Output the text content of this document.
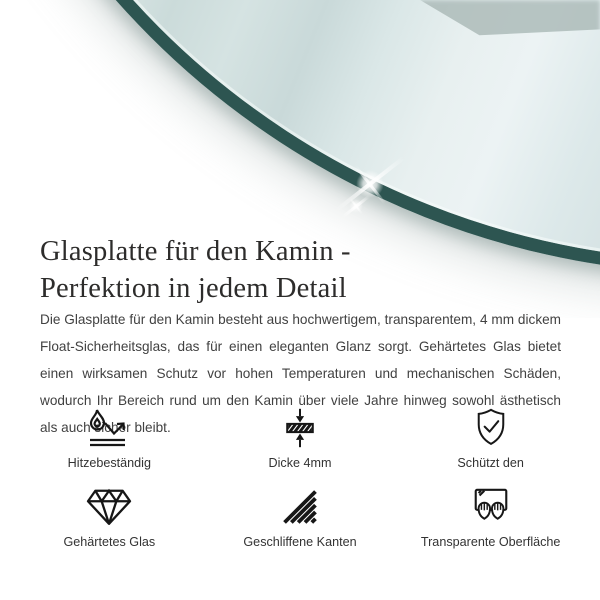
Glasplatte für den Kamin -
Perfektion in jedem Detail

Die Glasplatte für den Kamin besteht aus hochwertigem, transparentem, 4 mm dickem Float-Sicherheitsglas, das für einen eleganten Glanz sorgt. Gehärtetes Glas bietet einen wirksamen Schutz vor hohen Temperaturen und mechanischen Schäden, wodurch Ihr Bereich rund um den Kamin über viele Jahre hinweg sowohl ästhetisch als auch sicher bleibt.

Hitzebeständig	Dicke 4mm	Schützt den
Gehärtetes Glas	Geschliffene Kanten	Transparente Oberfläche
